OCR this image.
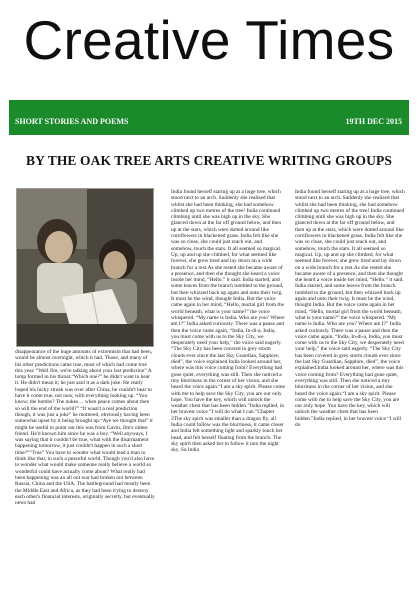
Creative Times
SHORT STORIES AND POEMS	19TH DEC 2015
BY THE OAK TREE ARTS CREATIVE WRITING GROUPS

disappearance of the huge amounts of extremism that had been, would be almost overnight, which it had. Those, and many of his other predictions came true, most of which had come true this year. “Well Jim, we're talking about your last prediction” A lump formed in his throat.“Which one?” he didn't want to hear it. He didn't mean it; he just said it as a dark joke. He really hoped his lucky streak was over after China, he couldn't bear to have it come true, not now, with everything looking up. “You know; the bombs? The nukes… when peace comes about then so will the end of the world?” “It wasn't a real prediction though, it was just a joke” he muttered, obviously having been somewhat upset by it being brought up.“Aye we thought that” it might be useful to point out this was from Gavin, Jim's oldest friend. He'd known him since he was a boy. “Well anyways, I was saying that it couldn't be true, what with the disarmament happening tomorrow, it just couldn't happen in such a short time?”“True” You have to wonder what would lead a man to think like that, in such a peaceful world. Though you'd also have to wonder what would make someone really believe a world so wonderful could have actually come about? What really had been happening was an all out war had broken out between Russia, China and the USA. The battleground had mostly been the Middle East and Africa, as they had been trying to destroy each other's financial interests, originally secretly, but eventually news had

India found herself staring up at a huge tree, which stood next to an arch. Suddenly she realised that whilst she had been thinking, she had somehow climbed up two metres of the tree! India continued climbing until she was high up in the sky. She glanced down at the far off ground below, and then up at the stars, which were dotted around like cornflowers in blackened grass. India felt like she was so close, she could just reach out, and somehow, touch the stars. It all seemed so magical. Up, up and up she climbed, for what seemed like forever, she grew tired and lay down on a wide branch for a rest.As she rested she became aware of a presence, and then she thought she heard a voice inside her mind, “Hello.” it said. India started, and some leaves from the branch tumbled to the ground, but then whizzed back up again and onto their twig. It must be the wind, thought India. But the voice came again in her mind, “Hello, mortal girl from the world beneath, what is your name?” the voice whispered. “My name is India. Who are you? Where am I?” India asked curiously. There was a pause and then the voice came again, “India, In-di-a, India, you must come with us to the Sky City, we desperately need your help,” the voice said eagerly. “The Sky City has been covered in grey storm clouds ever since the last Sky Guardian, Sapphire, died”, the voice explained India looked around her, where was this voice coming from? Everything had gone quiet, everything was still. Then she noticed a tiny blurriness in the corner of her vision, and she heard the voice again.“I am a sky spirit. Please come with me to help save the Sky City, you are our only hope. You have the key, which will unlock the weather chest that has been hidden.”India replied, in her bravest voice “I will do what I can.”Chapter 3The sky spirit was smaller than a dragon fly, all India could follow was the blurriness, it came closer and India felt something light and sparkly touch her head, and felt herself floating from the branch. The sky spirit then asked her to follow it into the night sky. So India

India found herself staring up at a huge tree, which stood next to an arch. Suddenly she realised that whilst she had been thinking, she had somehow climbed up two metres of the tree! India continued climbing until she was high up in the sky. She glanced down at the far off ground below, and then up at the stars, which were dotted around like cornflowers in blackened grass. India felt like she was so close, she could just reach out, and somehow, touch the stars. It all seemed so magical. Up, up and up she climbed, for what seemed like forever, she grew tired and lay down on a wide branch for a rest.As she rested she became aware of a presence, and then she thought she heard a voice inside her mind, “Hello.” it said. India started, and some leaves from the branch tumbled to the ground, but then whizzed back up again and onto their twig. It must be the wind, thought India. But the voice came again in her mind, “Hello, mortal girl from the world beneath, what is your name?” the voice whispered. “My name is India. Who are you? Where am I?” India asked curiously. There was a pause and then the voice came again, “India, In-di-a, India, you must come with us to the Sky City, we desperately need your help,” the voice said eagerly. “The Sky City has been covered in grey storm clouds ever since the last Sky Guardian, Sapphire, died”, the voice explained.India looked around her, where was this voice coming from? Everything had gone quiet, everything was still. Then she noticed a tiny blurriness in the corner of her vision, and she heard the voice again.“I am a sky spirit. Please come with me to help save the Sky City, you are our only hope. You have the key, which will unlock the weather chest that has been hidden.”India replied, in her bravest voice “I will do
